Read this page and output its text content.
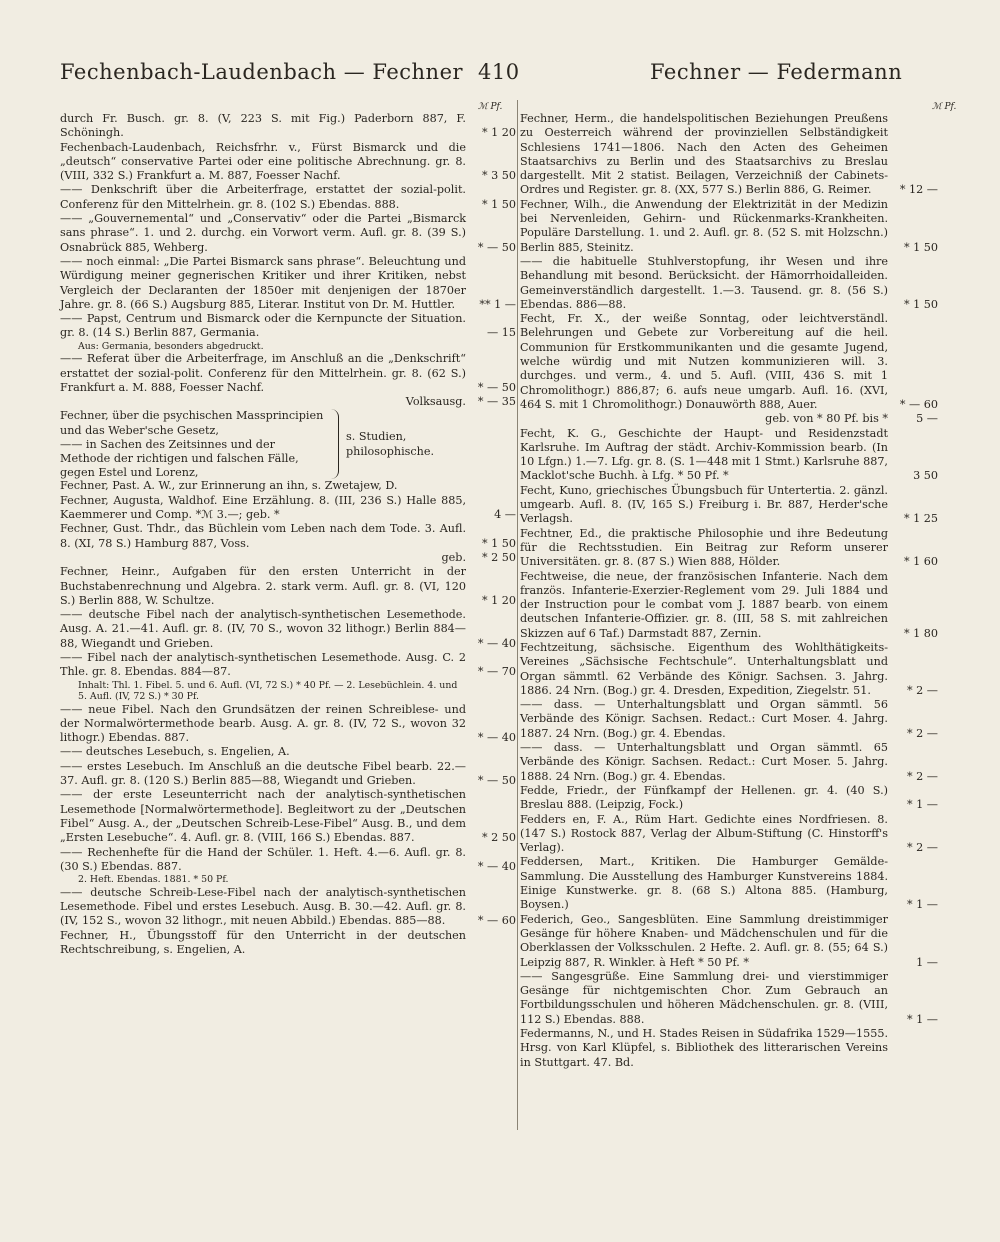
Fechenbach-Laudenbach — Fechner 410	Fechner — Federmann
ℳ Pf.	ℳ Pf.
durch Fr. Busch. gr. 8. (V, 223 S. mit Fig.) Paderborn 887, F. Schöningh.	* 1 20
Fechenbach-Laudenbach, Reichsfrhr. v., Fürst Bismarck und die „deutsch“ conservative Partei oder eine politische Abrechnung. gr. 8. (VIII, 332 S.) Frankfurt a. M. 887, Foesser Nachf.	* 3 50
—— Denkschrift über die Arbeiterfrage, erstattet der sozial-polit. Conferenz für den Mittelrhein. gr. 8. (102 S.) Ebendas. 888.	* 1 50
—— „Gouvernemental“ und „Conservativ“ oder die Partei „Bismarck sans phrase“. 1. und 2. durchg. ein Vorwort verm. Aufl. gr. 8. (39 S.) Osnabrück 885, Wehberg.	* — 50
—— noch einmal: „Die Partei Bismarck sans phrase“. Beleuchtung und Würdigung meiner gegnerischen Kritiker und ihrer Kritiken, nebst Vergleich der Declaranten der 1850er mit denjenigen der 1870er Jahre. gr. 8. (66 S.) Augsburg 885, Literar. Institut von Dr. M. Huttler.	** 1 —
—— Papst, Centrum und Bismarck oder die Kernpuncte der Situation. gr. 8. (14 S.) Berlin 887, Germania.	— 15
Aus: Germania, besonders abgedruckt.
—— Referat über die Arbeiterfrage, im Anschluß an die „Denkschrift“ erstattet der sozial-polit. Conferenz für den Mittelrhein. gr. 8. (62 S.) Frankfurt a. M. 888, Foesser Nachf.	* — 50
Volksausg. * — 35
Fechner, über die psychischen Massprincipien und das Weber'sche Gesetz,
—— in Sachen des Zeitsinnes und der Methode der richtigen und falschen Fälle, gegen Estel und Lorenz,
s. Studien, philosophische.
Fechner, Past. A. W., zur Erinnerung an ihn, s. Zwetajew, D.
Fechner, Augusta, Waldhof. Eine Erzählung. 8. (III, 236 S.) Halle 885, Kaemmerer und Comp. *ℳ 3.—; geb. *	4 —
Fechner, Gust. Thdr., das Büchlein vom Leben nach dem Tode. 3. Aufl. 8. (XI, 78 S.) Hamburg 887, Voss.	* 1 50
geb. * 2 50
Fechner, Heinr., Aufgaben für den ersten Unterricht in der Buchstabenrechnung und Algebra. 2. stark verm. Aufl. gr. 8. (VI, 120 S.) Berlin 888, W. Schultze.	* 1 20
—— deutsche Fibel nach der analytisch-synthetischen Lesemethode. Ausg. A. 21.—41. Aufl. gr. 8. (IV, 70 S., wovon 32 lithogr.) Berlin 884—88, Wiegandt und Grieben.	* — 40
—— Fibel nach der analytisch-synthetischen Lesemethode. Ausg. C. 2 Thle. gr. 8. Ebendas. 884—87.	* — 70
Inhalt: Thl. 1. Fibel. 5. und 6. Aufl. (VI, 72 S.) * 40 Pf. — 2. Lesebüchlein. 4. und 5. Aufl. (IV, 72 S.) * 30 Pf.
—— neue Fibel. Nach den Grundsätzen der reinen Schreiblese- und der Normalwörtermethode bearb. Ausg. A. gr. 8. (IV, 72 S., wovon 32 lithogr.) Ebendas. 887.	* — 40
—— deutsches Lesebuch, s. Engelien, A.
—— erstes Lesebuch. Im Anschluß an die deutsche Fibel bearb. 22.—37. Aufl. gr. 8. (120 S.) Berlin 885—88, Wiegandt und Grieben.	* — 50
—— der erste Leseunterricht nach der analytisch-synthetischen Lesemethode [Normalwörtermethode]. Begleitwort zu der „Deutschen Fibel“ Ausg. A., der „Deutschen Schreib-Lese-Fibel“ Ausg. B., und dem „Ersten Lesebuche“. 4. Aufl. gr. 8. (VIII, 166 S.) Ebendas. 887.	* 2 50
—— Rechenhefte für die Hand der Schüler. 1. Heft. 4.—6. Aufl. gr. 8. (30 S.) Ebendas. 887.	* — 40
2. Heft. Ebendas. 1881. * 50 Pf.
—— deutsche Schreib-Lese-Fibel nach der analytisch-synthetischen Lesemethode. Fibel und erstes Lesebuch. Ausg. B. 30.—42. Aufl. gr. 8. (IV, 152 S., wovon 32 lithogr., mit neuen Abbild.) Ebendas. 885—88.	* — 60
Fechner, H., Übungsstoff für den Unterricht in der deutschen Rechtschreibung, s. Engelien, A.
Fechner, Herm., die handelspolitischen Beziehungen Preußens zu Oesterreich während der provinziellen Selbständigkeit Schlesiens 1741—1806. Nach den Acten des Geheimen Staatsarchivs zu Berlin und des Staatsarchivs zu Breslau dargestellt. Mit 2 statist. Beilagen, Verzeichniß der Cabinets-Ordres und Register. gr. 8. (XX, 577 S.) Berlin 886, G. Reimer.	* 12 —
Fechner, Wilh., die Anwendung der Elektrizität in der Medizin bei Nervenleiden, Gehirn- und Rückenmarks-Krankheiten. Populäre Darstellung. 1. und 2. Aufl. gr. 8. (52 S. mit Holzschn.) Berlin 885, Steinitz.	* 1 50
—— die habituelle Stuhlverstopfung, ihr Wesen und ihre Behandlung mit besond. Berücksicht. der Hämorrhoidalleiden. Gemeinverständlich dargestellt. 1.—3. Tausend. gr. 8. (56 S.) Ebendas. 886—88.	* 1 50
Fecht, Fr. X., der weiße Sonntag, oder leichtverständl. Belehrungen und Gebete zur Vorbereitung auf die heil. Communion für Erstkommunikanten und die gesamte Jugend, welche würdig und mit Nutzen kommunizieren will. 3. durchges. und verm., 4. und 5. Aufl. (VIII, 436 S. mit 1 Chromolithogr.) 886,87; 6. aufs neue umgarb. Aufl. 16. (XVI, 464 S. mit 1 Chromolithogr.) Donauwörth 888, Auer.	* — 60
geb. von * 80 Pf. bis *	5 —
Fecht, K. G., Geschichte der Haupt- und Residenzstadt Karlsruhe. Im Auftrag der städt. Archiv-Kommission bearb. (In 10 Lfgn.) 1.—7. Lfg. gr. 8. (S. 1—448 mit 1 Stmt.) Karlsruhe 887, Macklot'sche Buchh. à Lfg. * 50 Pf. *	3 50
Fecht, Kuno, griechisches Übungsbuch für Untertertia. 2. gänzl. umgearb. Aufl. 8. (IV, 165 S.) Freiburg i. Br. 887, Herder'sche Verlagsh.	* 1 25
Fechtner, Ed., die praktische Philosophie und ihre Bedeutung für die Rechtsstudien. Ein Beitrag zur Reform unserer Universitäten. gr. 8. (87 S.) Wien 888, Hölder.	* 1 60
Fechtweise, die neue, der französischen Infanterie. Nach dem französ. Infanterie-Exerzier-Reglement vom 29. Juli 1884 und der Instruction pour le combat vom J. 1887 bearb. von einem deutschen Infanterie-Offizier. gr. 8. (III, 58 S. mit zahlreichen Skizzen auf 6 Taf.) Darmstadt 887, Zernin.	* 1 80
Fechtzeitung, sächsische. Eigenthum des Wohlthätigkeits-Vereines „Sächsische Fechtschule“. Unterhaltungsblatt und Organ sämmtl. 62 Verbände des Königr. Sachsen. 3. Jahrg. 1886. 24 Nrn. (Bog.) gr. 4. Dresden, Expedition, Ziegelstr. 51.	* 2 —
—— dass. — Unterhaltungsblatt und Organ sämmtl. 56 Verbände des Königr. Sachsen. Redact.: Curt Moser. 4. Jahrg. 1887. 24 Nrn. (Bog.) gr. 4. Ebendas.	* 2 —
—— dass. — Unterhaltungsblatt und Organ sämmtl. 65 Verbände des Königr. Sachsen. Redact.: Curt Moser. 5. Jahrg. 1888. 24 Nrn. (Bog.) gr. 4. Ebendas.	* 2 —
Fedde, Friedr., der Fünfkampf der Hellenen. gr. 4. (40 S.) Breslau 888. (Leipzig, Fock.)	* 1 —
Fedders en, F. A., Rüm Hart. Gedichte eines Nordfriesen. 8. (147 S.) Rostock 887, Verlag der Album-Stiftung (C. Hinstorff's Verlag).	* 2 —
Feddersen, Mart., Kritiken. Die Hamburger Gemälde-Sammlung. Die Ausstellung des Hamburger Kunstvereins 1884. Einige Kunstwerke. gr. 8. (68 S.) Altona 885. (Hamburg, Boysen.)	* 1 —
Federich, Geo., Sangesblüten. Eine Sammlung dreistimmiger Gesänge für höhere Knaben- und Mädchenschulen und für die Oberklassen der Volksschulen. 2 Hefte. 2. Aufl. gr. 8. (55; 64 S.) Leipzig 887, R. Winkler. à Heft * 50 Pf. *	1 —
—— Sangesgrüße. Eine Sammlung drei- und vierstimmiger Gesänge für nichtgemischten Chor. Zum Gebrauch an Fortbildungsschulen und höheren Mädchenschulen. gr. 8. (VIII, 112 S.) Ebendas. 888.	* 1 —
Federmanns, N., und H. Stades Reisen in Südafrika 1529—1555. Hrsg. von Karl Klüpfel, s. Bibliothek des litterarischen Vereins in Stuttgart. 47. Bd.
